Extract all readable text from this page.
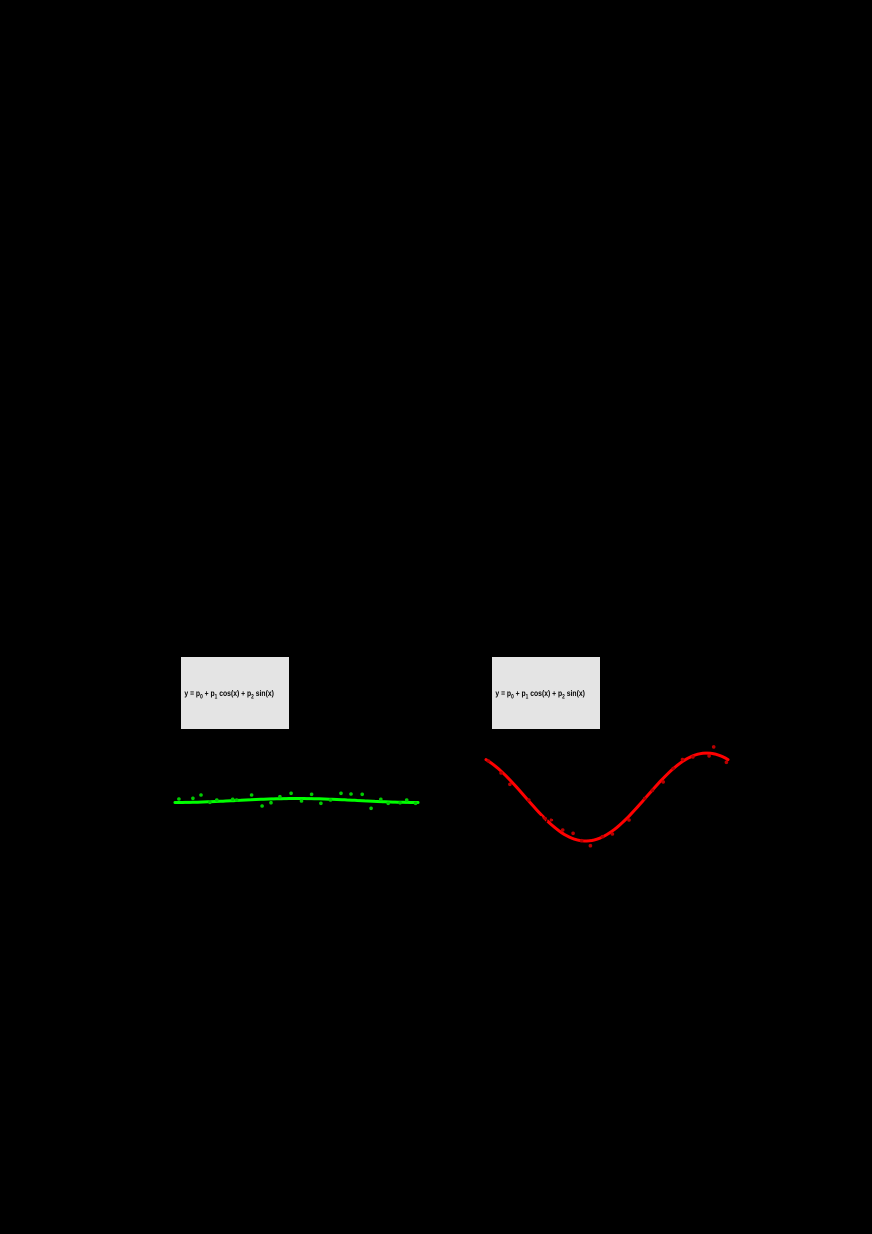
$y = p_0 + p_1$ $\cos(x) + p_2$ sin(x)

$p_0 = 7715.9 \pm 17.9$

$p_1 = 40.4 \pm 25.4$

$p_2 = 0.6 \pm 25.4$

χ²/f = 21.3 / 21

$y = p_0 + p_1$ $\cos(x) + p_2$ sin(x)

$p_0 = 32.7 \pm 17.9$

$p_1 = -894.2 \pm 25.4$

$p_2 = 549.7 \pm 25.4$

χ²/f = 14.2 / 21
